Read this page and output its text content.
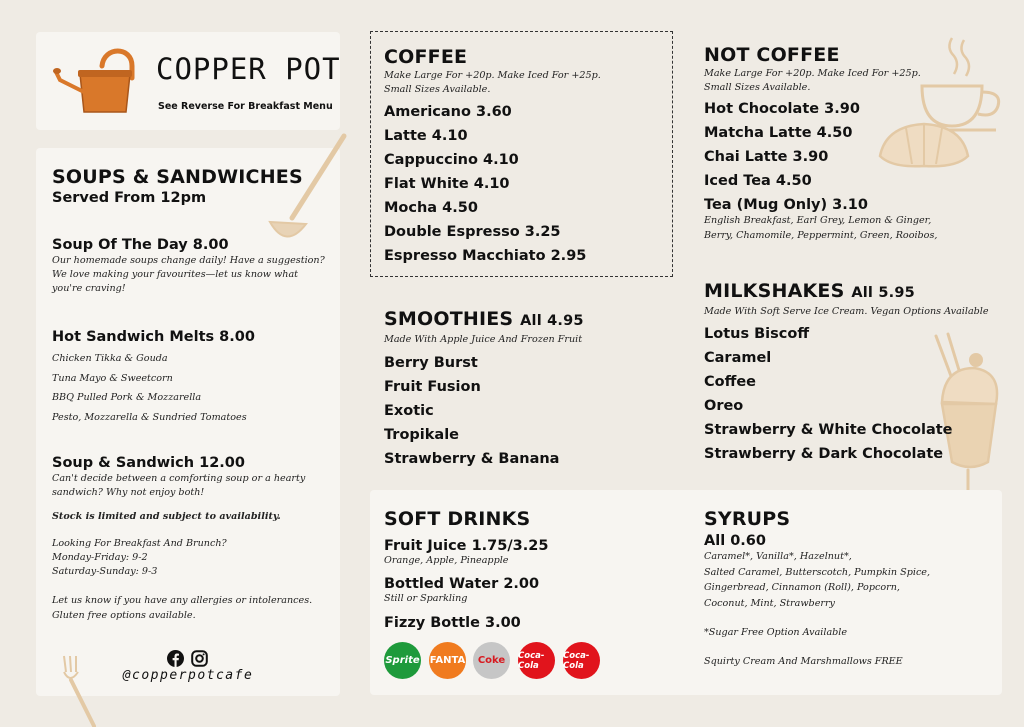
COPPER POT
See Reverse For Breakfast Menu
SOUPS & SANDWICHES
Served From 12pm
Soup Of The Day 8.00
Our homemade soups change daily! Have a suggestion?
We love making your favourites—let us know what
you're craving!
Hot Sandwich Melts 8.00
Chicken Tikka & Gouda
Tuna Mayo & Sweetcorn
BBQ Pulled Pork & Mozzarella
Pesto, Mozzarella & Sundried Tomatoes
Soup & Sandwich 12.00
Can't decide between a comforting soup or a hearty
sandwich? Why not enjoy both!
Stock is limited and subject to availability.
Looking For Breakfast And Brunch?
Monday-Friday: 9-2
Saturday-Sunday: 9-3
Let us know if you have any allergies or intolerances.
Gluten free options available.
@copperpotcafe
COFFEE
Make Large For +20p. Make Iced For +25p.
Small Sizes Available.
Americano 3.60
Latte 4.10
Cappuccino 4.10
Flat White 4.10
Mocha 4.50
Double Espresso 3.25
Espresso Macchiato 2.95
SMOOTHIES All 4.95
Made With Apple Juice And Frozen Fruit
Berry Burst
Fruit Fusion
Exotic
Tropikale
Strawberry & Banana
NOT COFFEE
Make Large For +20p. Make Iced For +25p.
Small Sizes Available.
Hot Chocolate 3.90
Matcha Latte 4.50
Chai Latte 3.90
Iced Tea 4.50
Tea (Mug Only) 3.10
English Breakfast, Earl Grey, Lemon & Ginger,
Berry, Chamomile, Peppermint, Green, Rooibos,
MILKSHAKES All 5.95
Made With Soft Serve Ice Cream. Vegan Options Available
Lotus Biscoff
Caramel
Coffee
Oreo
Strawberry & White Chocolate
Strawberry & Dark Chocolate
SOFT DRINKS
Fruit Juice 1.75/3.25
Orange, Apple, Pineapple
Bottled Water 2.00
Still or Sparkling
Fizzy Bottle 3.00
Sprite FANTA	Coke	Coca-Cola
Coca-Cola
SYRUPS
All 0.60
Caramel*, Vanilla*, Hazelnut*,
Salted Caramel, Butterscotch, Pumpkin Spice,
Gingerbread, Cinnamon (Roll), Popcorn,
Coconut, Mint, Strawberry
*Sugar Free Option Available
Squirty Cream And Marshmallows FREE
